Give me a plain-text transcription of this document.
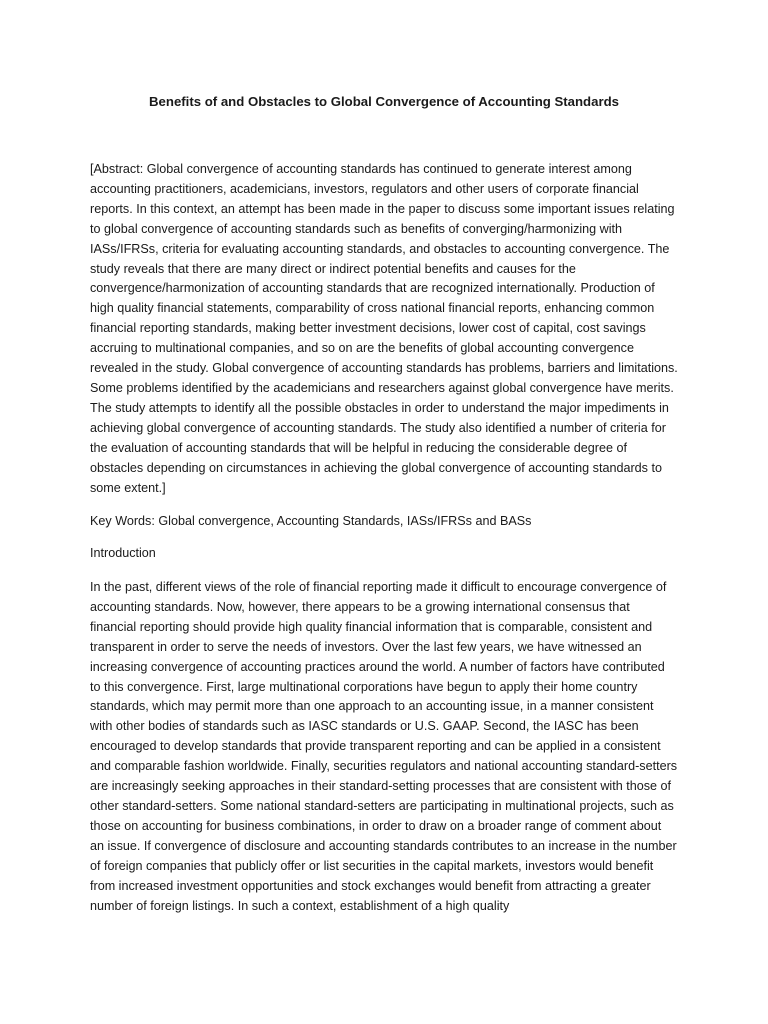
Benefits of and Obstacles to Global Convergence of Accounting Standards

[Abstract: Global convergence of accounting standards has continued to generate interest among accounting practitioners, academicians, investors, regulators and other users of corporate financial reports. In this context, an attempt has been made in the paper to discuss some important issues relating to global convergence of accounting standards such as benefits of converging/harmonizing with IASs/IFRSs, criteria for evaluating accounting standards, and obstacles to accounting convergence. The study reveals that there are many direct or indirect potential benefits and causes for the convergence/harmonization of accounting standards that are recognized internationally. Production of high quality financial statements, comparability of cross national financial reports, enhancing common financial reporting standards, making better investment decisions, lower cost of capital, cost savings accruing to multinational companies, and so on are the benefits of global accounting convergence revealed in the study. Global convergence of accounting standards has problems, barriers and limitations. Some problems identified by the academicians and researchers against global convergence have merits. The study attempts to identify all the possible obstacles in order to understand the major impediments in achieving global convergence of accounting standards. The study also identified a number of criteria for the evaluation of accounting standards that will be helpful in reducing the considerable degree of obstacles depending on circumstances in achieving the global convergence of accounting standards to some extent.]

Key Words: Global convergence, Accounting Standards, IASs/IFRSs and BASs

Introduction

In the past, different views of the role of financial reporting made it difficult to encourage convergence of accounting standards. Now, however, there appears to be a growing international consensus that financial reporting should provide high quality financial information that is comparable, consistent and transparent in order to serve the needs of investors. Over the last few years, we have witnessed an increasing convergence of accounting practices around the world. A number of factors have contributed to this convergence. First, large multinational corporations have begun to apply their home country standards, which may permit more than one approach to an accounting issue, in a manner consistent with other bodies of standards such as IASC standards or U.S. GAAP. Second, the IASC has been encouraged to develop standards that provide transparent reporting and can be applied in a consistent and comparable fashion worldwide. Finally, securities regulators and national accounting standard-setters are increasingly seeking approaches in their standard-setting processes that are consistent with those of other standard-setters. Some national standard-setters are participating in multinational projects, such as those on accounting for business combinations, in order to draw on a broader range of comment about an issue. If convergence of disclosure and accounting standards contributes to an increase in the number of foreign companies that publicly offer or list securities in the capital markets, investors would benefit from increased investment opportunities and stock exchanges would benefit from attracting a greater number of foreign listings. In such a context, establishment of a high quality
